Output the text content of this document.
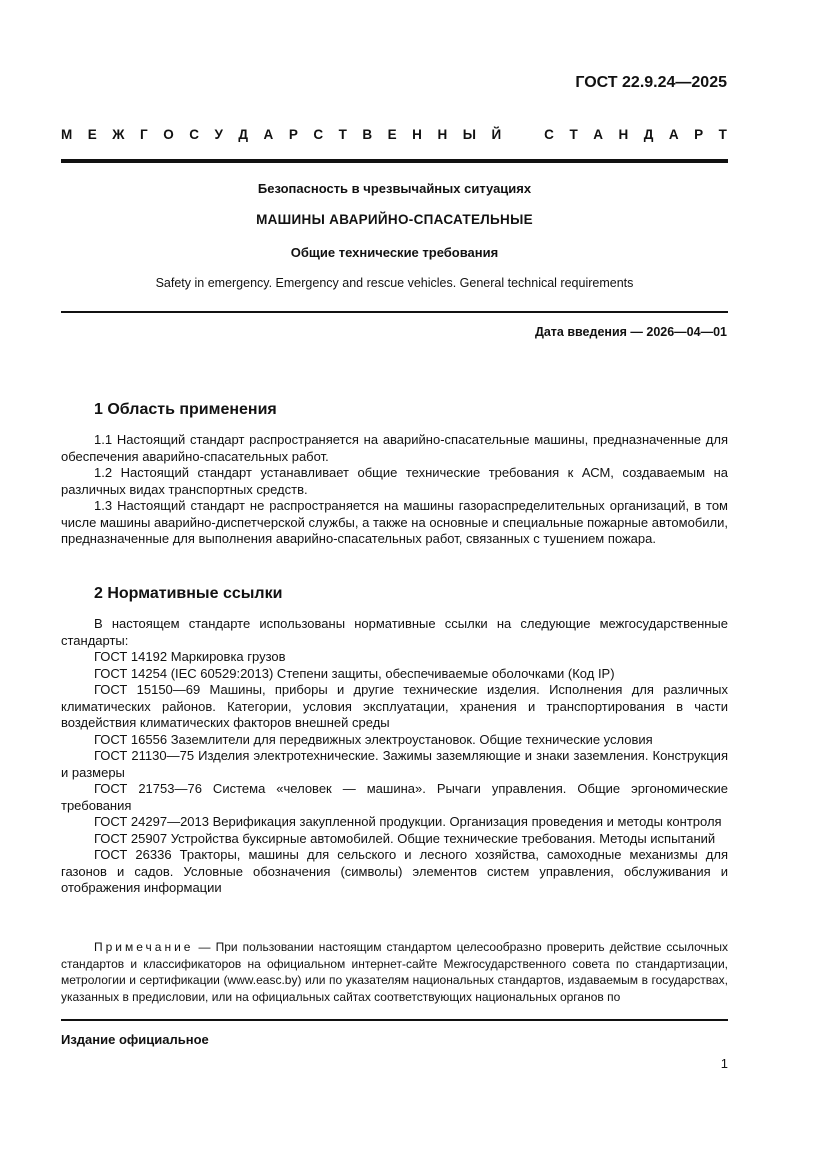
ГОСТ 22.9.24—2025
М Е Ж Г О С У Д А Р С Т В Е Н Н Ы Й	С Т А Н Д А Р Т
Безопасность в чрезвычайных ситуациях
МАШИНЫ АВАРИЙНО-СПАСАТЕЛЬНЫЕ
Общие технические требования
Safety in emergency. Emergency and rescue vehicles. General technical requirements
Дата введения — 2026—04—01
1 Область применения

1.1 Настоящий стандарт распространяется на аварийно-спасательные машины, предназначенные для обеспечения аварийно-спасательных работ.

1.2 Настоящий стандарт устанавливает общие технические требования к АСМ, создаваемым на различных видах транспортных средств.

1.3 Настоящий стандарт не распространяется на машины газораспределительных организаций, в том числе машины аварийно-диспетчерской службы, а также на основные и специальные пожарные автомобили, предназначенные для выполнения аварийно-спасательных работ, связанных с тушением пожара.

2 Нормативные ссылки

В настоящем стандарте использованы нормативные ссылки на следующие межгосударственные стандарты:

ГОСТ 14192 Маркировка грузов

ГОСТ 14254 (IEC 60529:2013) Степени защиты, обеспечиваемые оболочками (Код IP)

ГОСТ 15150—69 Машины, приборы и другие технические изделия. Исполнения для различных климатических районов. Категории, условия эксплуатации, хранения и транспортирования в части воздействия климатических факторов внешней среды

ГОСТ 16556 Заземлители для передвижных электроустановок. Общие технические условия

ГОСТ 21130—75 Изделия электротехнические. Зажимы заземляющие и знаки заземления. Конструкция и размеры

ГОСТ 21753—76 Система «человек — машина». Рычаги управления. Общие эргономические требования

ГОСТ 24297—2013 Верификация закупленной продукции. Организация проведения и методы контроля

ГОСТ 25907 Устройства буксирные автомобилей. Общие технические требования. Методы испытаний

ГОСТ 26336 Тракторы, машины для сельского и лесного хозяйства, самоходные механизмы для газонов и садов. Условные обозначения (символы) элементов систем управления, обслуживания и отображения информации

Примечание — При пользовании настоящим стандартом целесообразно проверить действие ссылочных стандартов и классификаторов на официальном интернет-сайте Межгосударственного совета по стандартизации, метрологии и сертификации (www.easc.by) или по указателям национальных стандартов, издаваемым в государствах, указанных в предисловии, или на официальных сайтах соответствующих национальных органов по

Издание официальное
1
